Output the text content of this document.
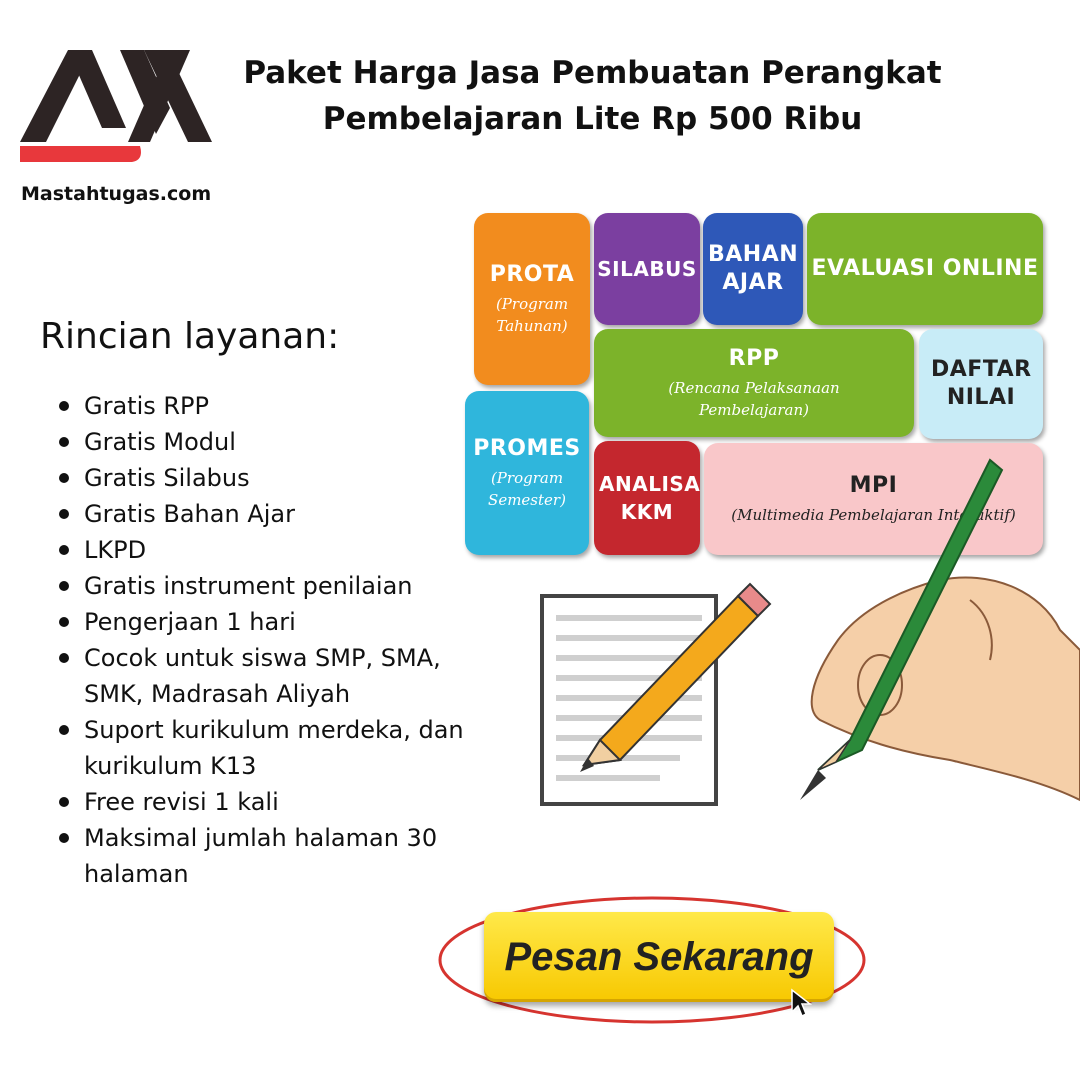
Mastahtugas.com
Paket Harga Jasa Pembuatan Perangkat
Pembelajaran Lite Rp 500 Ribu
Rincian layanan:
Gratis RPP
Gratis Modul
Gratis Silabus
Gratis Bahan Ajar
LKPD
Gratis instrument penilaian
Pengerjaan 1 hari
Cocok untuk siswa SMP, SMA, SMK, Madrasah Aliyah
Suport kurikulum merdeka, dan kurikulum K13
Free revisi 1 kali
Maksimal jumlah halaman 30 halaman
PROTA
(Program Tahunan)
SILABUS
BAHAN AJAR
EVALUASI ONLINE
RPP
(Rencana Pelaksanaan Pembelajaran)
DAFTAR NILAI
PROMES
(Program Semester)
ANALISA KKM
MPI
(Multimedia Pembelajaran Interaktif)
Pesan Sekarang
